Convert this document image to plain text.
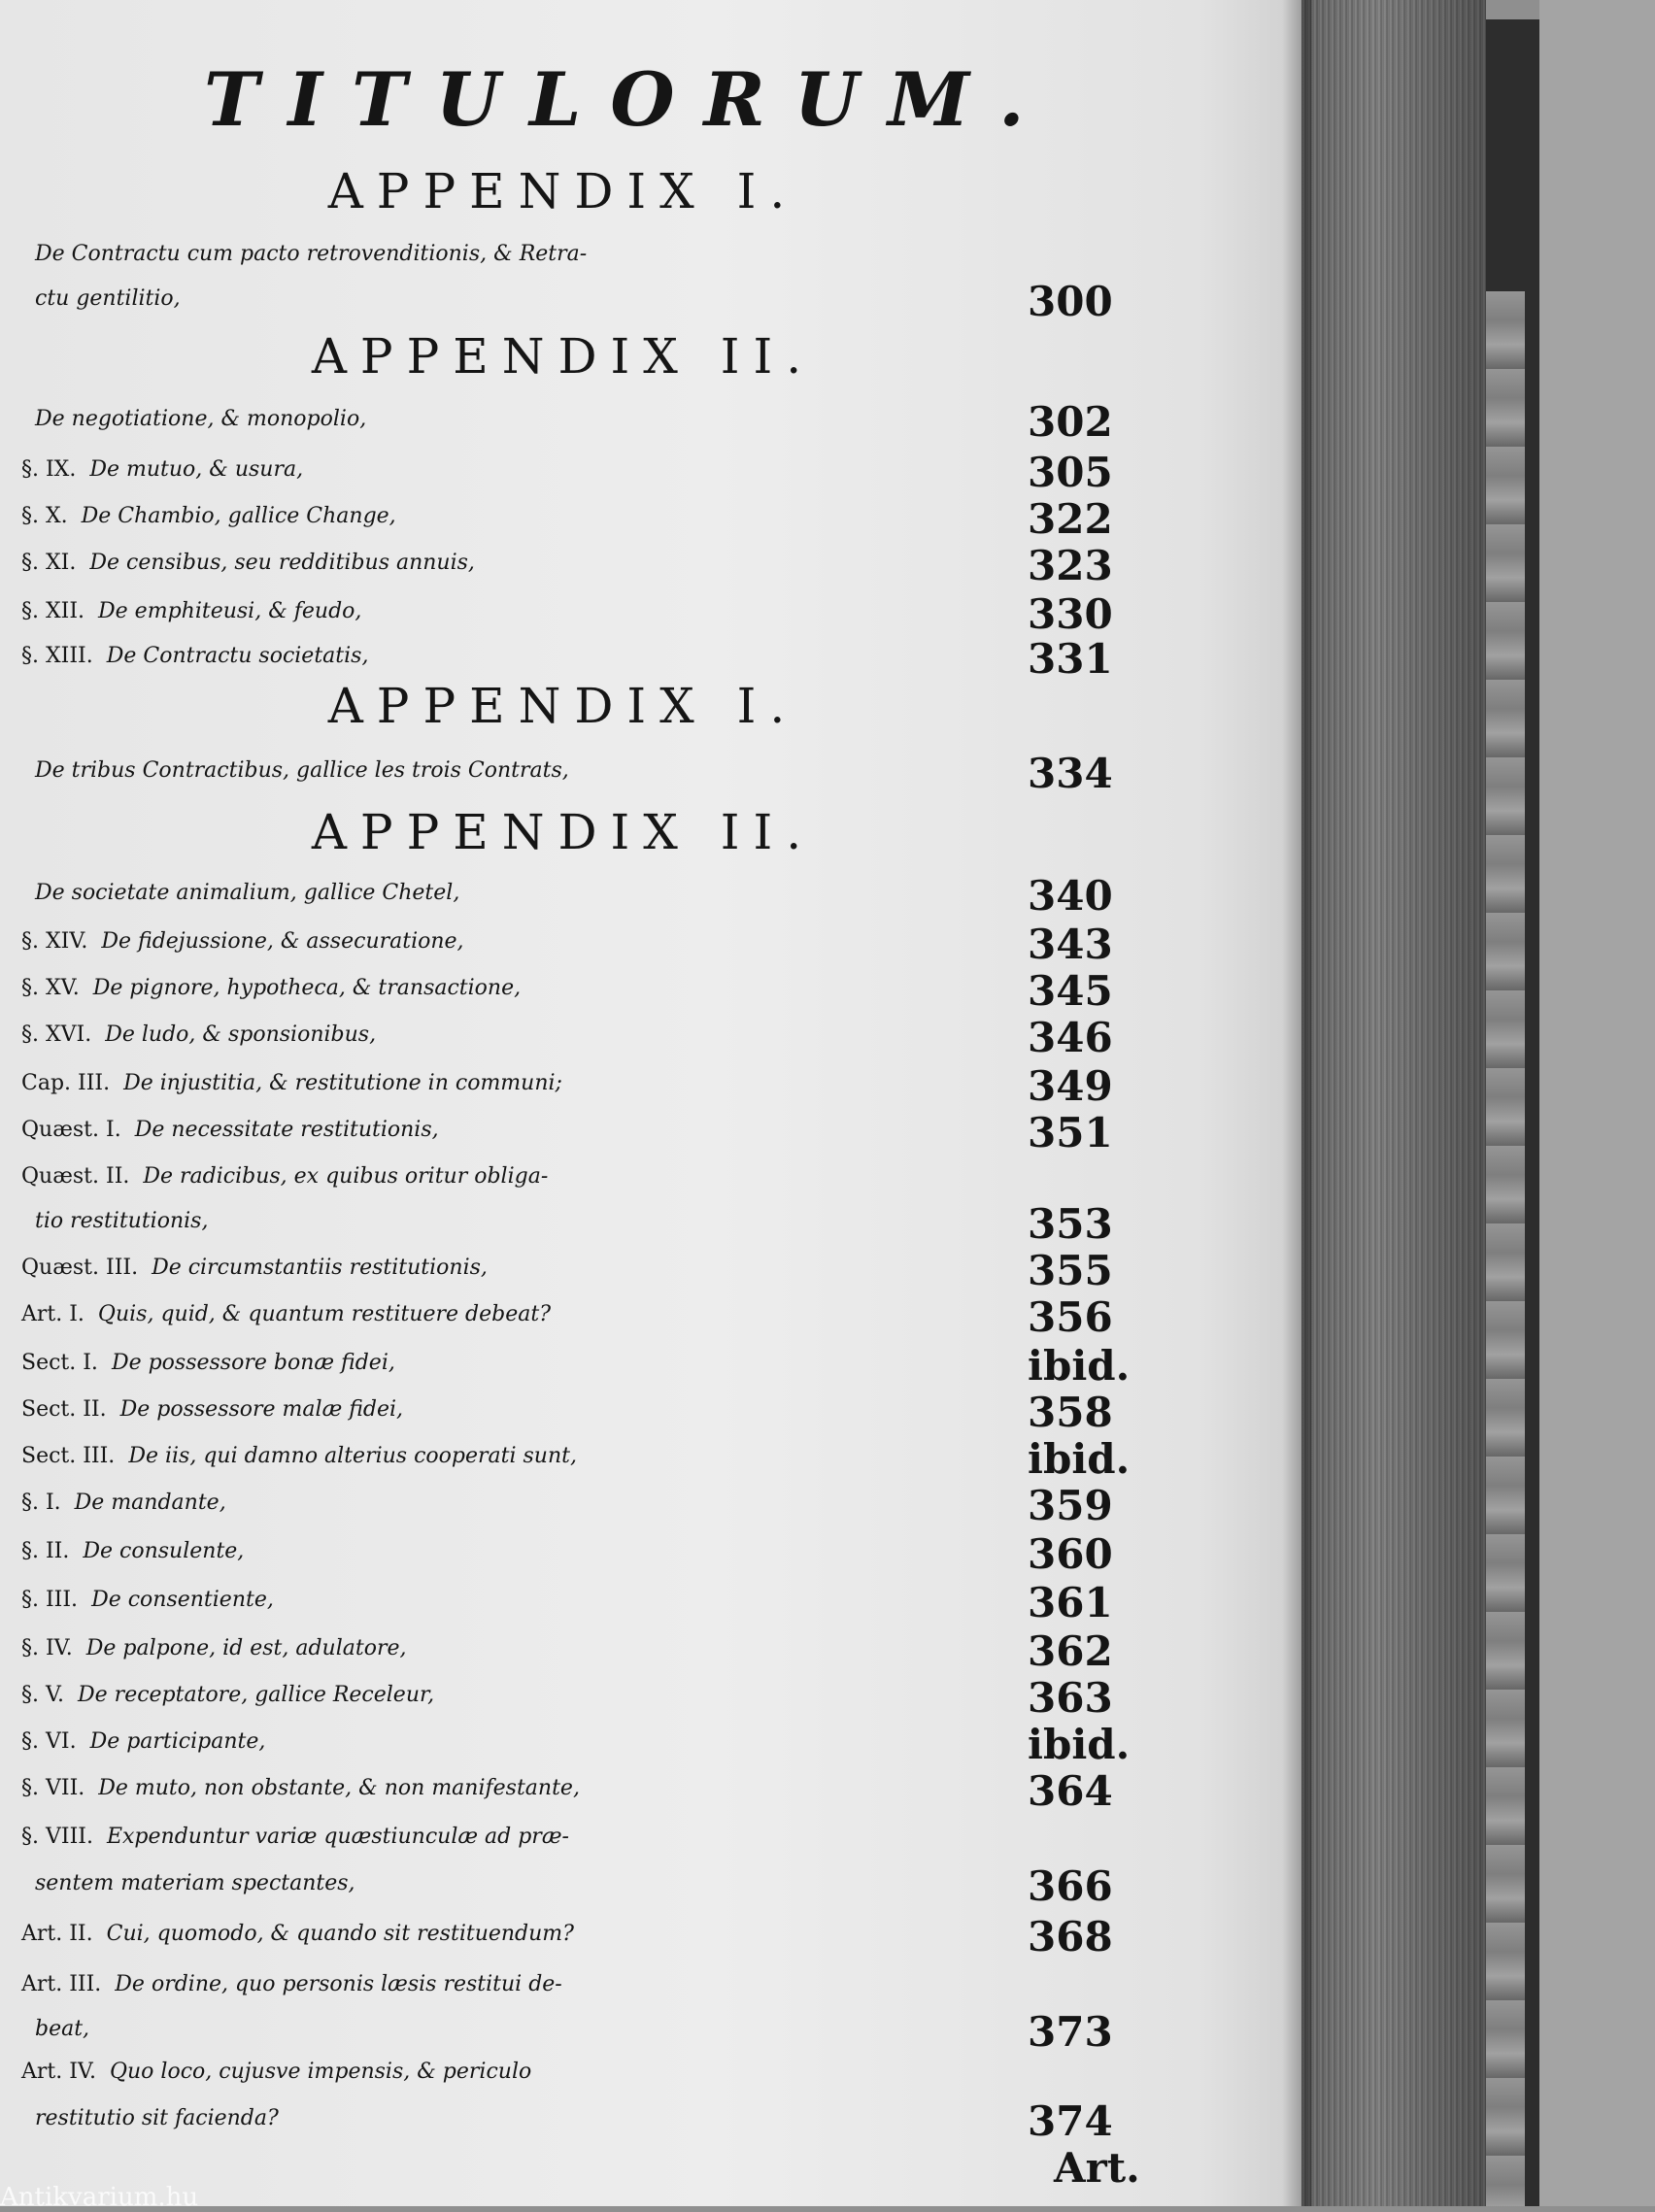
TITULORUM.
APPENDIX I.
APPENDIX II.
APPENDIX I.
APPENDIX II.
De Contractu cum pacto retrovenditionis, & Retra-
ctu gentilitio,	300
De negotiatione, & monopolio,	302
§. IX. De mutuo, & usura,	305
§. X. De Chambio, gallice Change,	322
§. XI. De censibus, seu redditibus annuis,	323
§. XII. De emphiteusi, & feudo,	330
§. XIII. De Contractu societatis,	331
De tribus Contractibus, gallice les trois Contrats,	334
De societate animalium, gallice Chetel,	340
§. XIV. De fidejussione, & assecuratione,	343
§. XV. De pignore, hypotheca, & transactione,	345
§. XVI. De ludo, & sponsionibus,	346
Cap. III. De injustitia, & restitutione in communi;	349
Quæst. I. De necessitate restitutionis,	351
Quæst. II. De radicibus, ex quibus oritur obliga-
tio restitutionis,	353
Quæst. III. De circumstantiis restitutionis,	355
Art. I. Quis, quid, & quantum restituere debeat?	356
Sect. I. De possessore bonæ fidei,	ibid.
Sect. II. De possessore malæ fidei,	358
Sect. III. De iis, qui damno alterius cooperati sunt,	ibid.
§. I. De mandante,	359
§. II. De consulente,	360
§. III. De consentiente,	361
§. IV. De palpone, id est, adulatore,	362
§. V. De receptatore, gallice Receleur,	363
§. VI. De participante,	ibid.
§. VII. De muto, non obstante, & non manifestante,	364
§. VIII. Expenduntur variæ quæstiunculæ ad præ-
sentem materiam spectantes,	366
Art. II. Cui, quomodo, & quando sit restituendum?	368
Art. III. De ordine, quo personis læsis restitui de-
beat,	373
Art. IV. Quo loco, cujusve impensis, & periculo
restitutio sit facienda?	374
Art.
Antikvarium.hu
